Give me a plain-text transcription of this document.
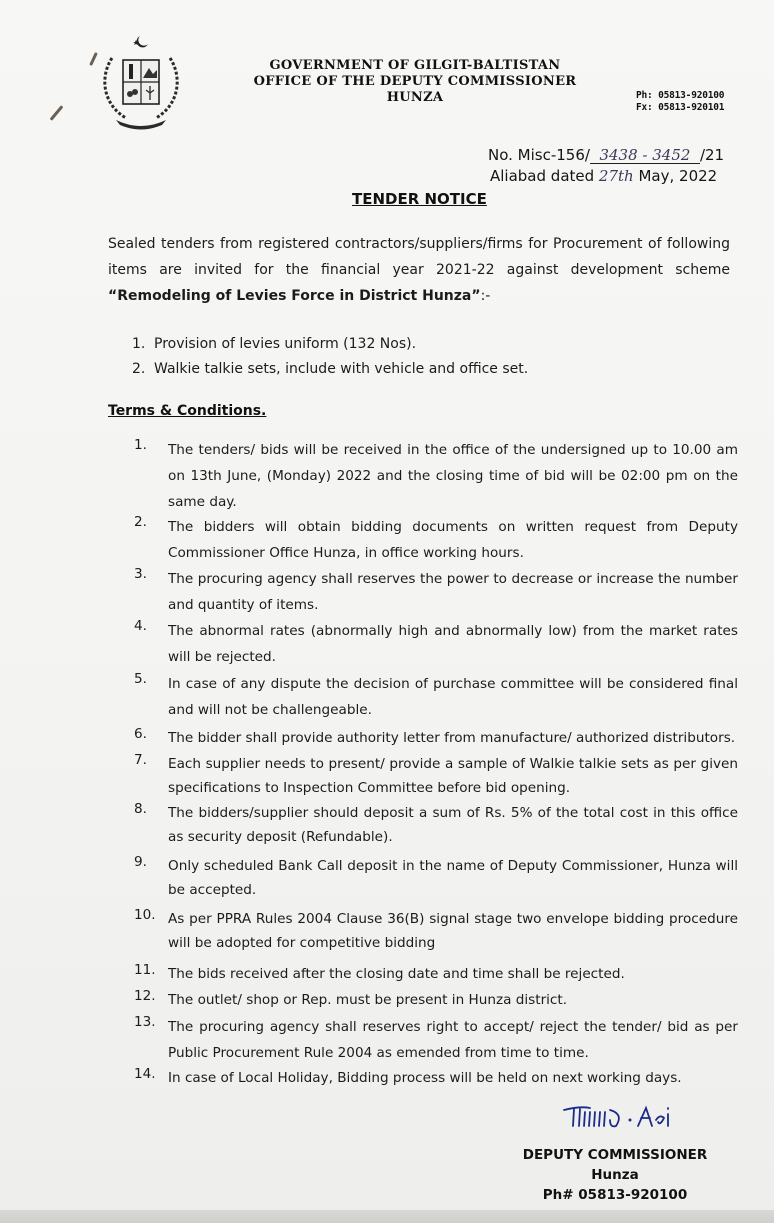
GOVERNMENT OF GILGIT-BALTISTAN
OFFICE OF THE DEPUTY COMMISSIONER
HUNZA	Ph: 05813-920100
Fx: 05813-920101
No. Misc-156/ 3438 - 3452 /21
Aliabad dated 27th May, 2022
TENDER NOTICE
Sealed tenders from registered contractors/suppliers/firms for Procurement of following items are invited for the financial year 2021-22 against development scheme “Remodeling of Levies Force in District Hunza”:-
1. Provision of levies uniform (132 Nos).
2. Walkie talkie sets, include with vehicle and office set.
Terms & Conditions.
1.	The tenders/ bids will be received in the office of the undersigned up to 10.00 am on 13th June, (Monday) 2022 and the closing time of bid will be 02:00 pm on the same day.
2.	The bidders will obtain bidding documents on written request from Deputy Commissioner Office Hunza, in office working hours.
3.	The procuring agency shall reserves the power to decrease or increase the number and quantity of items.
4.	The abnormal rates (abnormally high and abnormally low) from the market rates will be rejected.
5.	In case of any dispute the decision of purchase committee will be considered final and will not be challengeable.
6.	The bidder shall provide authority letter from manufacture/ authorized distributors.
7.	Each supplier needs to present/ provide a sample of Walkie talkie sets as per given specifications to Inspection Committee before bid opening.
8.	The bidders/supplier should deposit a sum of Rs. 5% of the total cost in this office as security deposit (Refundable).
9.	Only scheduled Bank Call deposit in the name of Deputy Commissioner, Hunza will be accepted.
10. As per PPRA Rules 2004 Clause 36(B) signal stage two envelope bidding procedure will be adopted for competitive bidding
11. The bids received after the closing date and time shall be rejected.
12. The outlet/ shop or Rep. must be present in Hunza district.
13. The procuring agency shall reserves right to accept/ reject the tender/ bid as per Public Procurement Rule 2004 as emended from time to time.
14. In case of Local Holiday, Bidding process will be held on next working days.
DEPUTY COMMISSIONER
Hunza
Ph# 05813-920100
